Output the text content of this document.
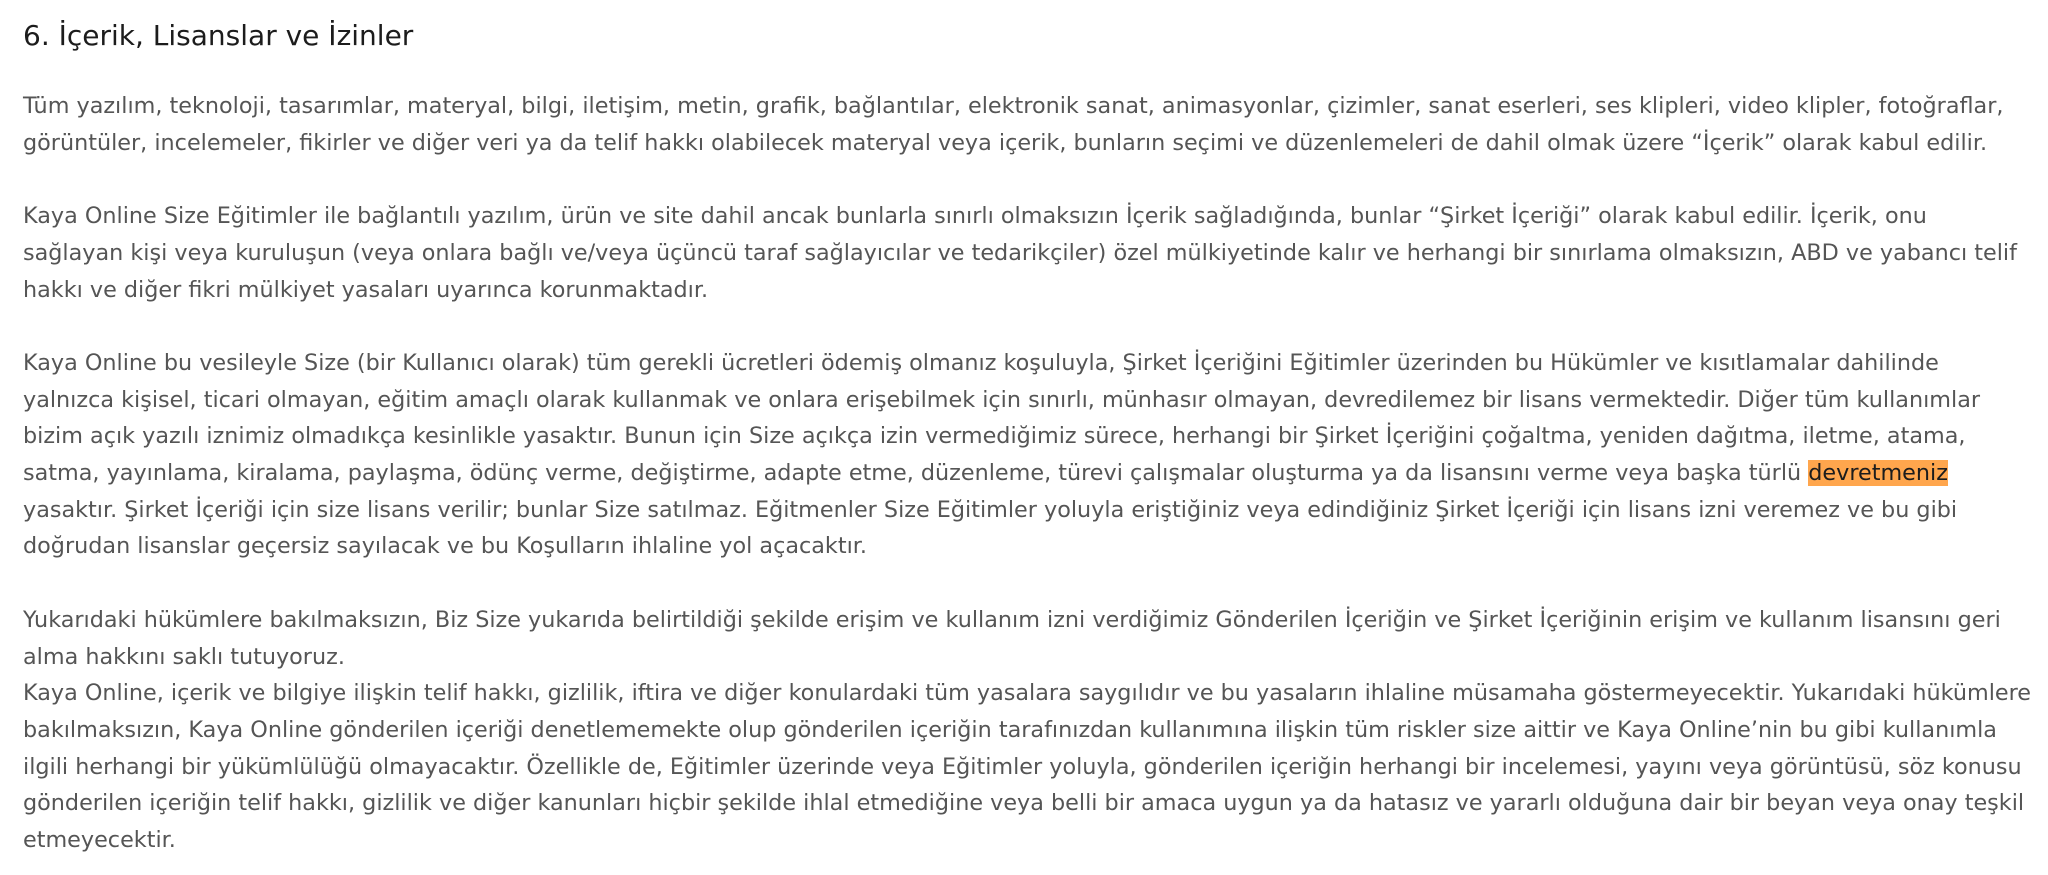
6. İçerik, Lisanslar ve İzinler

Tüm yazılım, teknoloji, tasarımlar, materyal, bilgi, iletişim, metin, grafik, bağlantılar, elektronik sanat, animasyonlar, çizimler, sanat eserleri, ses klipleri, video klipler, fotoğraflar, görüntüler, incelemeler, fikirler ve diğer veri ya da telif hakkı olabilecek materyal veya içerik, bunların seçimi ve düzenlemeleri de dahil olmak üzere “İçerik” olarak kabul edilir.

Kaya Online Size Eğitimler ile bağlantılı yazılım, ürün ve site dahil ancak bunlarla sınırlı olmaksızın İçerik sağladığında, bunlar “Şirket İçeriği” olarak kabul edilir. İçerik, onu sağlayan kişi veya kuruluşun (veya onlara bağlı ve/veya üçüncü taraf sağlayıcılar ve tedarikçiler) özel mülkiyetinde kalır ve herhangi bir sınırlama olmaksızın, ABD ve yabancı telif hakkı ve diğer fikri mülkiyet yasaları uyarınca korunmaktadır.

Kaya Online bu vesileyle Size (bir Kullanıcı olarak) tüm gerekli ücretleri ödemiş olmanız koşuluyla, Şirket İçeriğini Eğitimler üzerinden bu Hükümler ve kısıtlamalar dahilinde yalnızca kişisel, ticari olmayan, eğitim amaçlı olarak kullanmak ve onlara erişebilmek için sınırlı, münhasır olmayan, devredilemez bir lisans vermektedir. Diğer tüm kullanımlar bizim açık yazılı iznimiz olmadıkça kesinlikle yasaktır. Bunun için Size açıkça izin vermediğimiz sürece, herhangi bir Şirket İçeriğini çoğaltma, yeniden dağıtma, iletme, atama, satma, yayınlama, kiralama, paylaşma, ödünç verme, değiştirme, adapte etme, düzenleme, türevi çalışmalar oluşturma ya da lisansını verme veya başka türlü devretmeniz yasaktır. Şirket İçeriği için size lisans verilir; bunlar Size satılmaz. Eğitmenler Size Eğitimler yoluyla eriştiğiniz veya edindiğiniz Şirket İçeriği için lisans izni veremez ve bu gibi doğrudan lisanslar geçersiz sayılacak ve bu Koşulların ihlaline yol açacaktır.

Yukarıdaki hükümlere bakılmaksızın, Biz Size yukarıda belirtildiği şekilde erişim ve kullanım izni verdiğimiz Gönderilen İçeriğin ve Şirket İçeriğinin erişim ve kullanım lisansını geri alma hakkını saklı tutuyoruz.

Kaya Online, içerik ve bilgiye ilişkin telif hakkı, gizlilik, iftira ve diğer konulardaki tüm yasalara saygılıdır ve bu yasaların ihlaline müsamaha göstermeyecektir. Yukarıdaki hükümlere bakılmaksızın, Kaya Online gönderilen içeriği denetlememekte olup gönderilen içeriğin tarafınızdan kullanımına ilişkin tüm riskler size aittir ve Kaya Online’nin bu gibi kullanımla ilgili herhangi bir yükümlülüğü olmayacaktır. Özellikle de, Eğitimler üzerinde veya Eğitimler yoluyla, gönderilen içeriğin herhangi bir incelemesi, yayını veya görüntüsü, söz konusu gönderilen içeriğin telif hakkı, gizlilik ve diğer kanunları hiçbir şekilde ihlal etmediğine veya belli bir amaca uygun ya da hatasız ve yararlı olduğuna dair bir beyan veya onay teşkil etmeyecektir.
